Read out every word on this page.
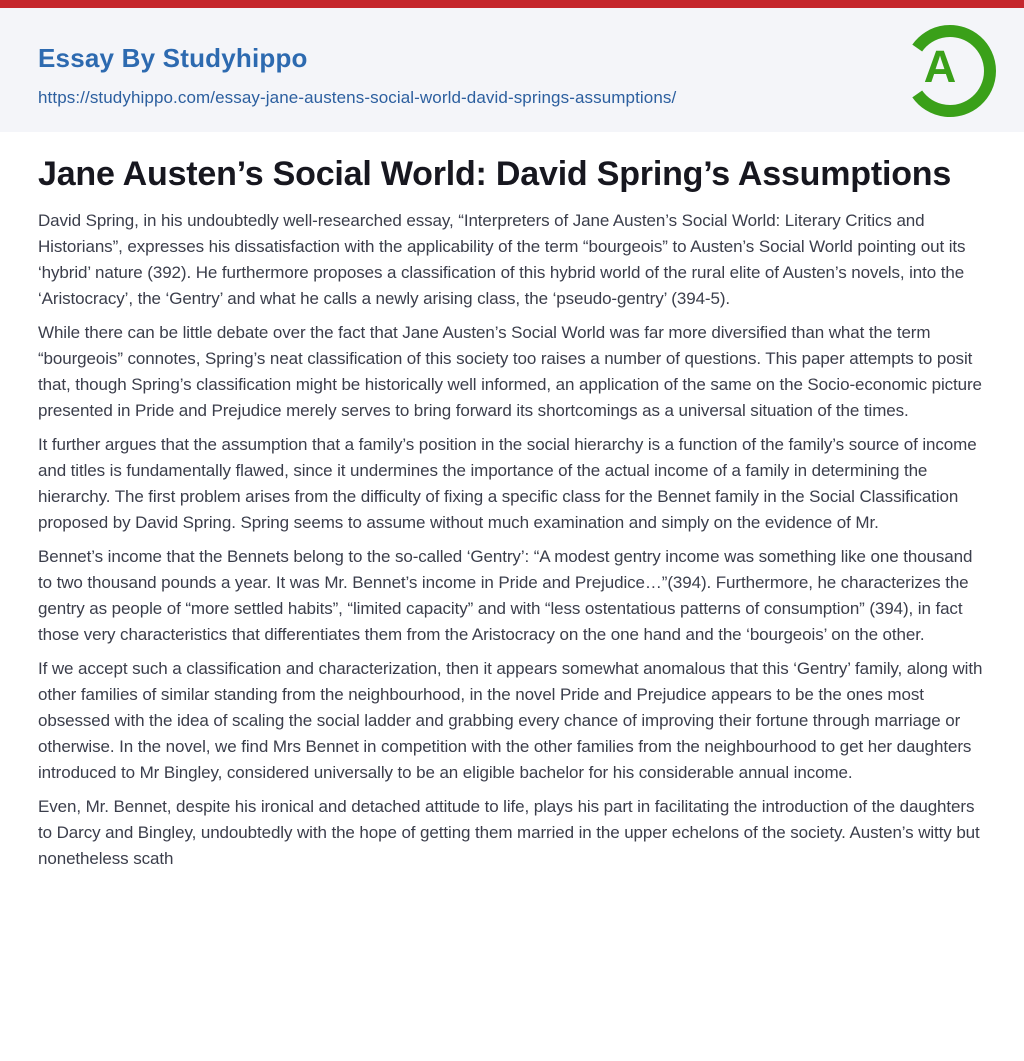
Essay By Studyhippo
https://studyhippo.com/essay-jane-austens-social-world-david-springs-assumptions/
A
Jane Austen’s Social World: David Spring’s Assumptions

David Spring, in his undoubtedly well-researched essay, “Interpreters of Jane Austen’s Social World: Literary Critics and Historians”, expresses his dissatisfaction with the applicability of the term “bourgeois” to Austen’s Social World pointing out its ‘hybrid’ nature (392). He furthermore proposes a classification of this hybrid world of the rural elite of Austen’s novels, into the ‘Aristocracy’, the ‘Gentry’ and what he calls a newly arising class, the ‘pseudo-gentry’ (394-5).

While there can be little debate over the fact that Jane Austen’s Social World was far more diversified than what the term “bourgeois” connotes, Spring’s neat classification of this society too raises a number of questions. This paper attempts to posit that, though Spring’s classification might be historically well informed, an application of the same on the Socio-economic picture presented in Pride and Prejudice merely serves to bring forward its shortcomings as a universal situation of the times.

It further argues that the assumption that a family’s position in the social hierarchy is a function of the family’s source of income and titles is fundamentally flawed, since it undermines the importance of the actual income of a family in determining the hierarchy. The first problem arises from the difficulty of fixing a specific class for the Bennet family in the Social Classification proposed by David Spring. Spring seems to assume without much examination and simply on the evidence of Mr.

Bennet’s income that the Bennets belong to the so-called ‘Gentry’: “A modest gentry income was something like one thousand to two thousand pounds a year. It was Mr. Bennet’s income in Pride and Prejudice…”(394). Furthermore, he characterizes the gentry as people of “more settled habits”, “limited capacity” and with “less ostentatious patterns of consumption” (394), in fact those very characteristics that differentiates them from the Aristocracy on the one hand and the ‘bourgeois’ on the other.

If we accept such a classification and characterization, then it appears somewhat anomalous that this ‘Gentry’ family, along with other families of similar standing from the neighbourhood, in the novel Pride and Prejudice appears to be the ones most obsessed with the idea of scaling the social ladder and grabbing every chance of improving their fortune through marriage or otherwise. In the novel, we find Mrs Bennet in competition with the other families from the neighbourhood to get her daughters introduced to Mr Bingley, considered universally to be an eligible bachelor for his considerable annual income.

Even, Mr. Bennet, despite his ironical and detached attitude to life, plays his part in facilitating the introduction of the daughters to Darcy and Bingley, undoubtedly with the hope of getting them married in the upper echelons of the society. Austen’s witty but nonetheless scath
